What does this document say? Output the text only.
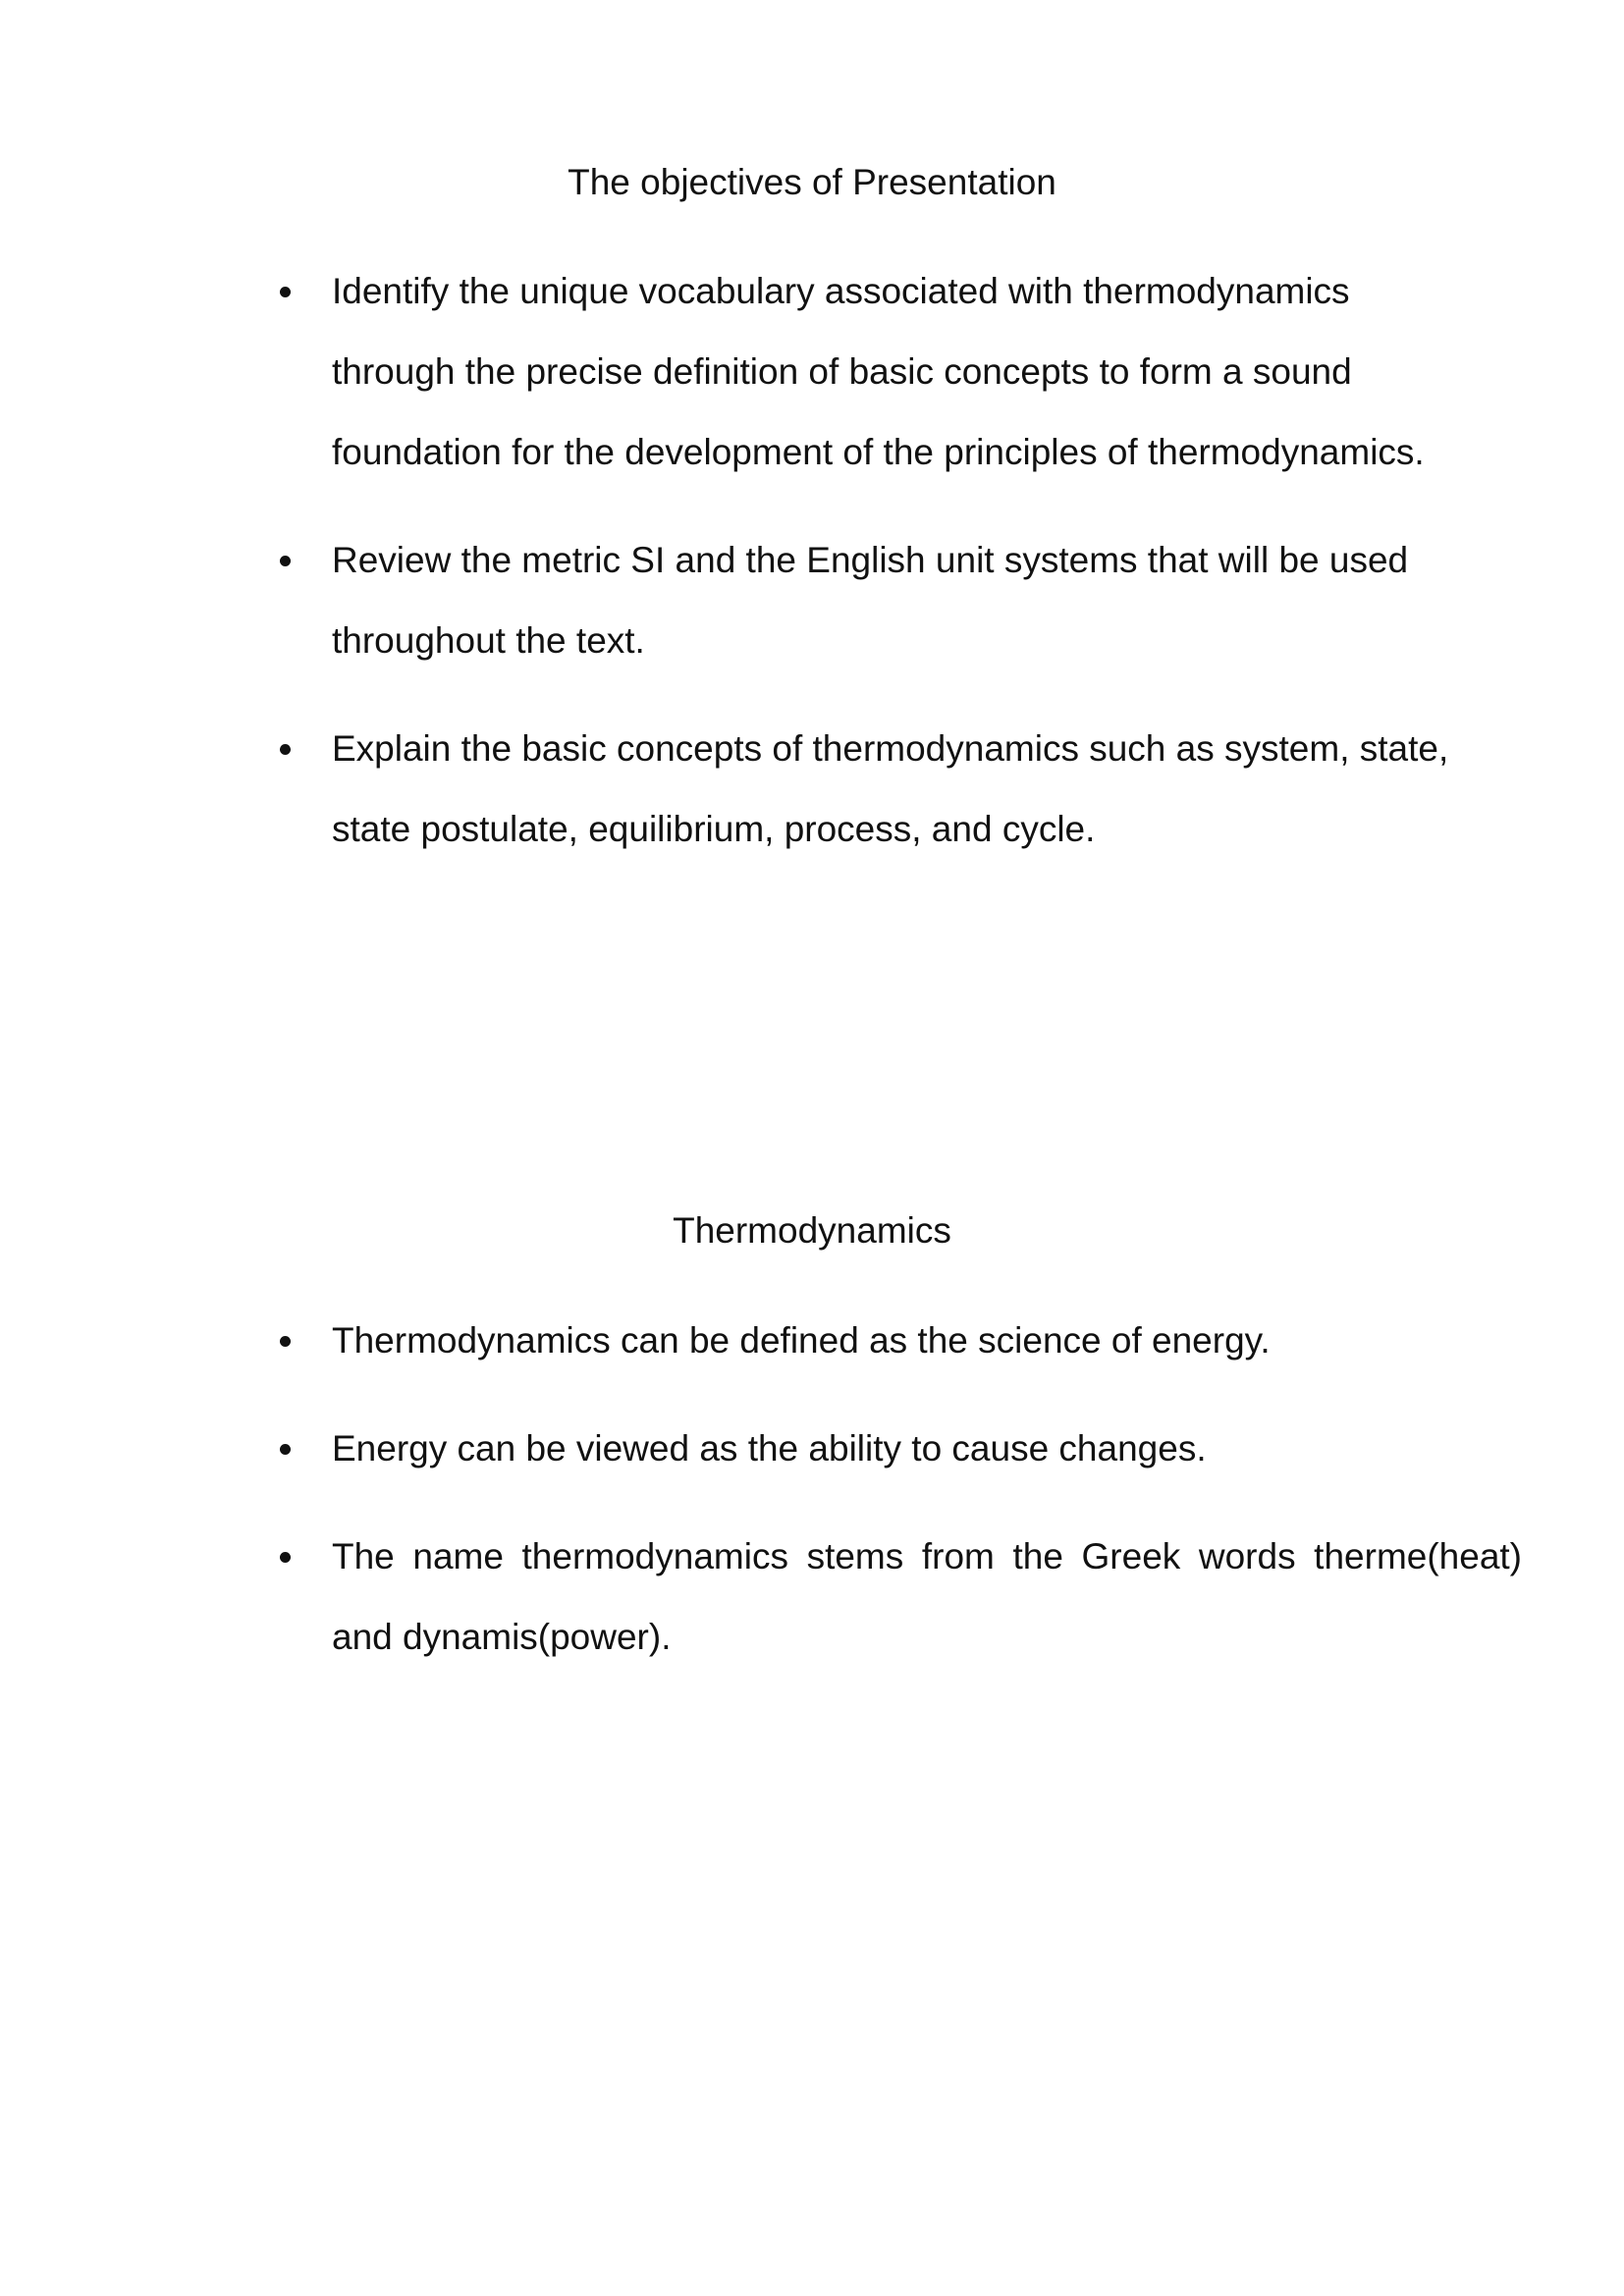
The objectives of Presentation
Identify the unique vocabulary associated with thermodynamics through the precise definition of basic concepts to form a sound foundation for the development of the principles of thermodynamics.
Review the metric SI and the English unit systems that will be used throughout the text.
Explain the basic concepts of thermodynamics such as system, state, state postulate, equilibrium, process, and cycle.
Thermodynamics
Thermodynamics can be defined as the science of energy.
Energy can be viewed as the ability to cause changes.
The name thermodynamics stems from the Greek words therme(heat) and dynamis(power).
